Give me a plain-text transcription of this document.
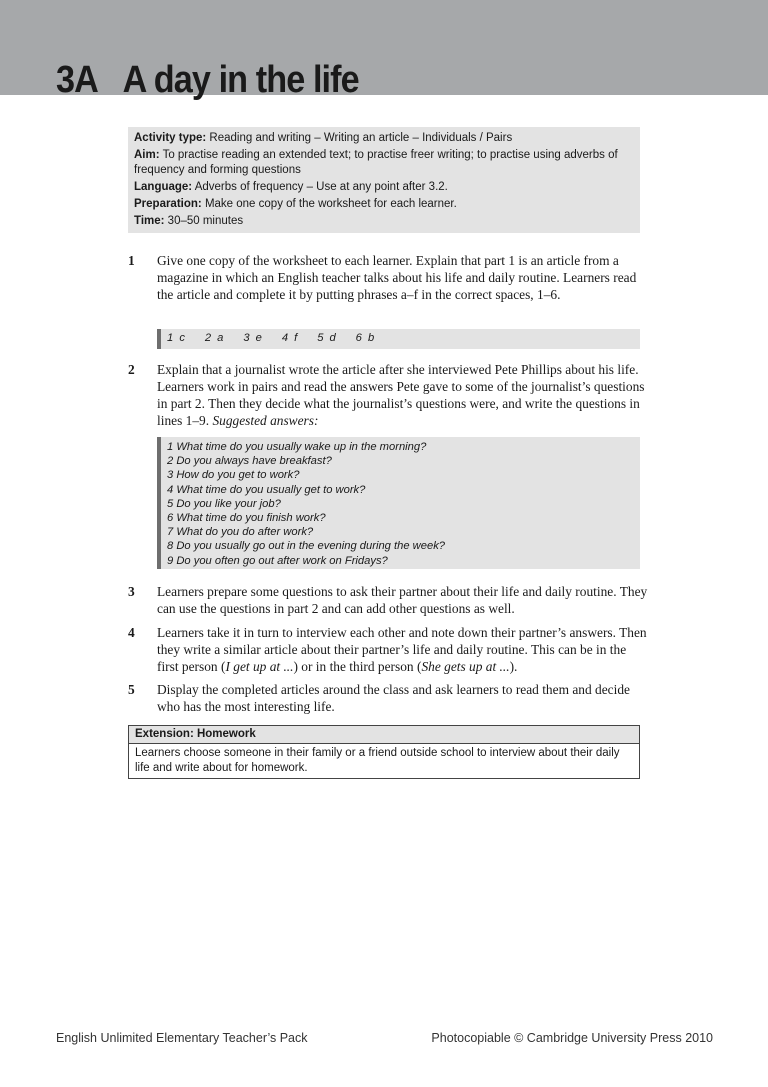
3A A day in the life

Activity type: Reading and writing – Writing an article – Individuals / Pairs

Aim: To practise reading an extended text; to practise freer writing; to practise using adverbs of frequency and forming questions

Language: Adverbs of frequency – Use at any point after 3.2.

Preparation: Make one copy of the worksheet for each learner.

Time: 30–50 minutes

1 Give one copy of the worksheet to each learner. Explain that part 1 is an article from a magazine in which an English teacher talks about his life and daily routine. Learners read the article and complete it by putting phrases a–f in the correct spaces, 1–6.
1 c    2 a    3 e    4 f    5 d    6 b
2 Explain that a journalist wrote the article after she interviewed Pete Phillips about his life. Learners work in pairs and read the answers Pete gave to some of the journalist’s questions in part 2. Then they decide what the journalist’s questions were, and write the questions in lines 1–9. Suggested answers:
1 What time do you usually wake up in the morning?
2 Do you always have breakfast?
3 How do you get to work?
4 What time do you usually get to work?
5 Do you like your job?
6 What time do you finish work?
7 What do you do after work?
8 Do you usually go out in the evening during the week?
9 Do you often go out after work on Fridays?
3 Learners prepare some questions to ask their partner about their life and daily routine. They can use the questions in part 2 and can add other questions as well.
4 Learners take it in turn to interview each other and note down their partner’s answers. Then they write a similar article about their partner’s life and daily routine. This can be in the first person (I get up at ...) or in the third person (She gets up at ...).
5 Display the completed articles around the class and ask learners to read them and decide who has the most interesting life.
Extension: Homework
Learners choose someone in their family or a friend outside school to interview about their daily life and write about for homework.
English Unlimited Elementary Teacher’s Pack	Photocopiable © Cambridge University Press 2010
